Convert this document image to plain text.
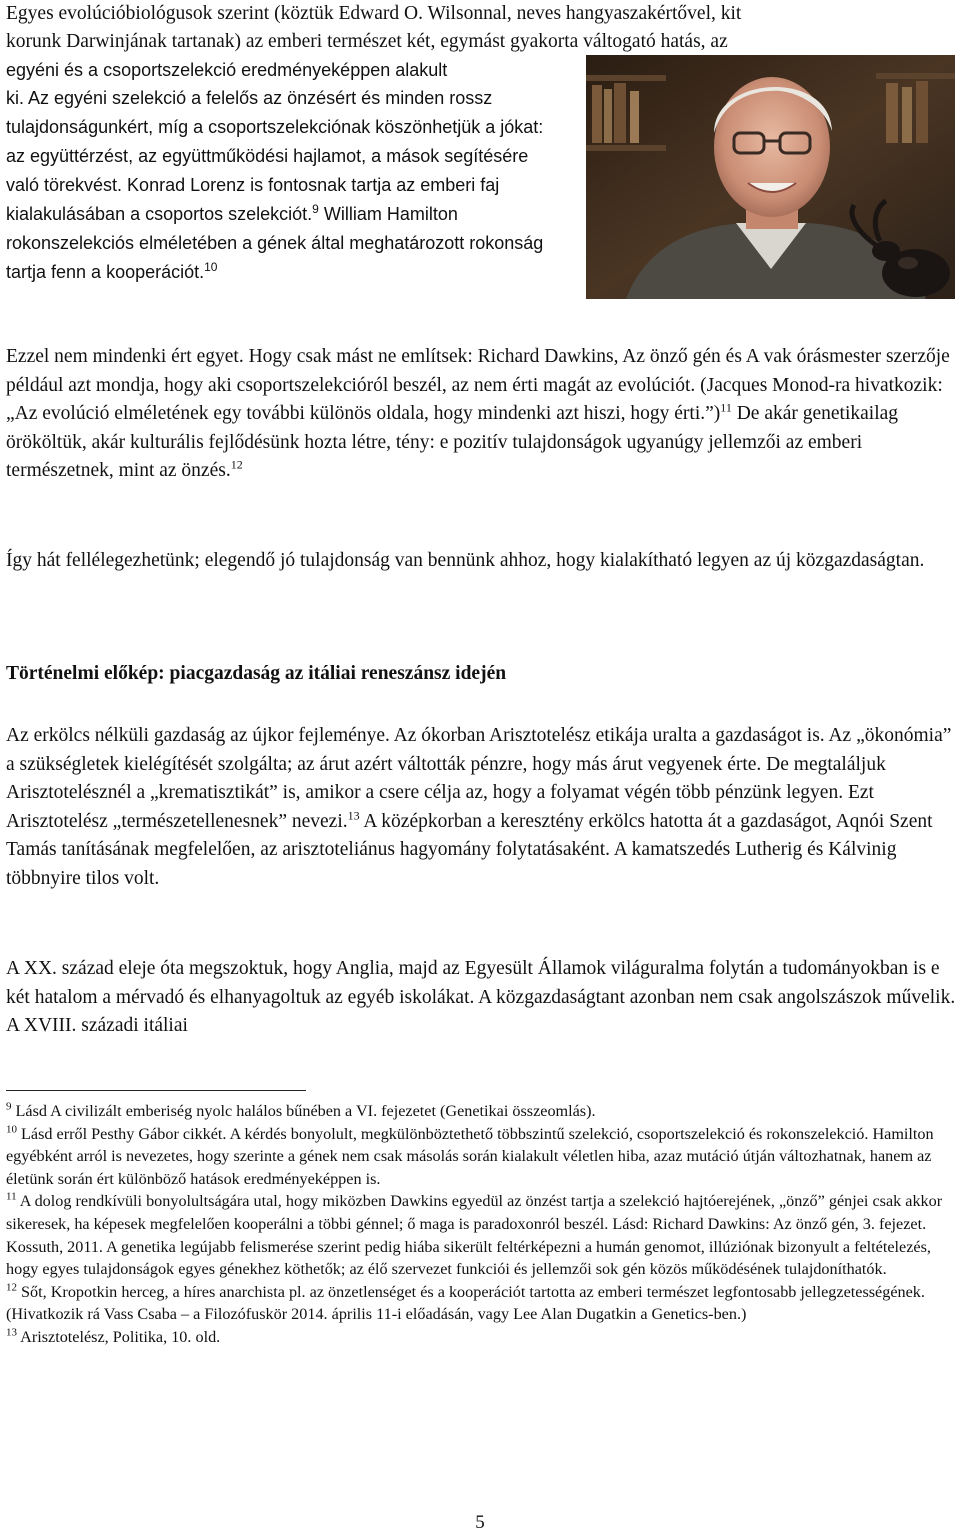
Egyes evolúcióbiológusok szerint (köztük Edward O. Wilsonnal, neves hangyaszakértővel, kit
korunk Darwinjának tartanak) az emberi természet két, egymást gyakorta váltogató hatás, az
egyéni és a csoportszelekció eredményeképpen alakult
ki. Az egyéni szelekció a felelős az önzésért és minden rossz tulajdonságunkért, míg a csoportszelekciónak köszönhetjük a jókat: az együttérzést, az együttműködési hajlamot, a mások segítésére való törekvést. Konrad Lorenz is fontosnak tartja az emberi faj kialakulásában a csoportos szelekciót.$^9$ William Hamilton rokonszelekciós elméletében a gének által meghatározott rokonság tartja fenn a kooperációt.$^{10}$
Ezzel nem mindenki ért egyet. Hogy csak mást ne említsek: Richard Dawkins, Az önző gén és A vak órásmester szerzője például azt mondja, hogy aki csoportszelekcióról beszél, az nem érti magát az evolúciót. (Jacques Monod-ra hivatkozik: „Az evolúció elméletének egy további különös oldala, hogy mindenki azt hiszi, hogy érti.”)$^{11}$ De akár genetikailag örököltük, akár kulturális fejlődésünk hozta létre, tény: e pozitív tulajdonságok ugyanúgy jellemzői az emberi természetnek, mint az önzés.$^{12}$
Így hát fellélegezhetünk; elegendő jó tulajdonság van bennünk ahhoz, hogy kialakítható legyen az új közgazdaságtan.
Történelmi előkép: piacgazdaság az itáliai reneszánsz idején
Az erkölcs nélküli gazdaság az újkor fejleménye. Az ókorban Arisztotelész etikája uralta a gazdaságot is. Az „ökonómia” a szükségletek kielégítését szolgálta; az árut azért váltották pénzre, hogy más árut vegyenek érte. De megtaláljuk Arisztotelésznél a „krematisztikát” is, amikor a csere célja az, hogy a folyamat végén több pénzünk legyen. Ezt Arisztotelész „természetellenesnek” nevezi.$^{13}$ A középkorban a keresztény erkölcs hatotta át a gazdaságot, Aqnói Szent Tamás tanításának megfelelően, az arisztoteliánus hagyomány folytatásaként. A kamatszedés Lutherig és Kálvinig többnyire tilos volt.
A XX. század eleje óta megszoktuk, hogy Anglia, majd az Egyesült Államok világuralma folytán a tudományokban is e két hatalom a mérvadó és elhanyagoltuk az egyéb iskolákat. A közgazdaságtant azonban nem csak angolszászok művelik. A XVIII. századi itáliai

$^9$ Lásd A civilizált emberiség nyolc halálos bűnében a VI. fejezetet (Genetikai összeomlás).

$^{10}$ Lásd erről Pesthy Gábor cikkét. A kérdés bonyolult, megkülönböztethető többszintű szelekció, csoportszelekció és rokonszelekció. Hamilton egyébként arról is nevezetes, hogy szerinte a gének nem csak másolás során kialakult véletlen hiba, azaz mutáció útján változhatnak, hanem az életünk során ért különböző hatások eredményeképpen is.

$^{11}$ A dolog rendkívüli bonyolultságára utal, hogy miközben Dawkins egyedül az önzést tartja a szelekció hajtóerejének, „önző” génjei csak akkor sikeresek, ha képesek megfelelően kooperálni a többi génnel; ő maga is paradoxonról beszél. Lásd: Richard Dawkins: Az önző gén, 3. fejezet. Kossuth, 2011. A genetika legújabb felismerése szerint pedig hiába sikerült feltérképezni a humán genomot, illúziónak bizonyult a feltételezés, hogy egyes tulajdonságok egyes génekhez köthetők; az élő szervezet funkciói és jellemzői sok gén közös működésének tulajdoníthatók.

$^{12}$ Sőt, Kropotkin herceg, a híres anarchista pl. az önzetlenséget és a kooperációt tartotta az emberi természet legfontosabb jellegzetességének. (Hivatkozik rá Vass Csaba – a Filozófuskör 2014. április 11-i előadásán, vagy Lee Alan Dugatkin a Genetics-ben.)

$^{13}$ Arisztotelész, Politika, 10. old.

5
